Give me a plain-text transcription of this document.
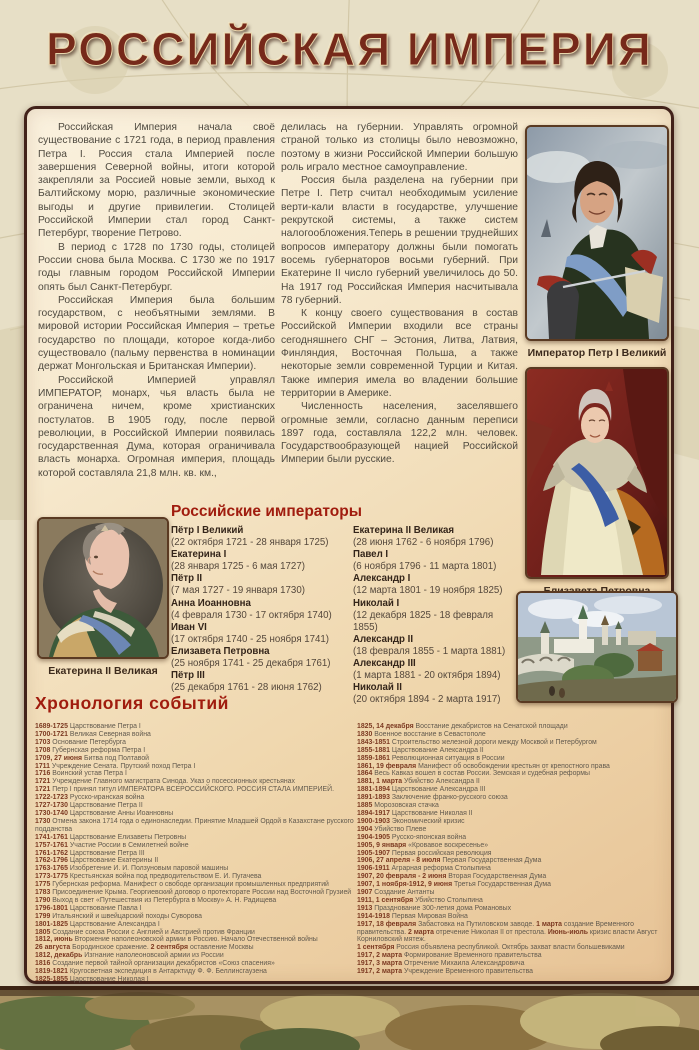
РОССИЙСКАЯ ИМПЕРИЯ

Российская Империя начала своё существование с 1721 года, в период правления Петра I. Россия стала Империей после завершения Северной войны, итоги которой закрепляли за Россией новые земли, выход к Балтийскому морю, различные экономические выгоды и другие привилегии. Столицей Российской Империи стал город Санкт-Петербург, творение Петрово.

В период с 1728 по 1730 годы, столицей России снова была Москва. С 1730 же по 1917 годы главным городом Российской Империи опять был Санкт-Петербург.

Российская Империя была большим государством, с необъятными землями. В мировой истории Российская Империя – третье государство по площади, которое когда-либо существовало (пальму первенства в номинации держат Монгольская и Британская Империи).

Российской Империей управлял ИМПЕРАТОР, монарх, чья власть была не ограничена ничем, кроме христианских постулатов. В 1905 году, после первой революции, в Российской Империи появилась государственная Дума, которая ограничивала власть монарха. Огромная империя, площадь которой составляла 21,8 млн. кв. км.,

делилась на губернии. Управлять огромной страной только из столицы было невозможно, поэтому в жизни Российской Империи большую роль играло местное самоуправление.

Россия была разделена на губернии при Петре I. Петр считал необходимым усиление верти-кали власти в государстве, улучшение рекрутской системы, а также систем налогообложения.Теперь в решении труднейших вопросов императору должны были помогать восемь губернаторов восьми губерний. При Екатерине II число губерний увеличилось до 50. На 1917 год Российская Империя насчитывала 78 губерний.

К концу своего существования в состав Российской Империи входили все страны сегодняшнего СНГ – Эстония, Литва, Латвия, Финляндия, Восточная Польша, а также некоторые земли современной Турции и Китая. Также империя имела во владении большие территории в Америке.

Численность населения, заселявшего огромные земли, согласно данным переписи 1897 года, составляла 122,2 млн. человек. Государствообразующей нацией Российской Империи были русские.

Император Петр I Великий
Екатерина II Великая
Российские императоры
Пётр I Великий
(22 октября 1721 - 28 января 1725)
Екатерина I
(28 января 1725 - 6 мая 1727)
Пётр II
(7 мая 1727 - 19 января 1730)
Анна Иоанновна
(4 февраля 1730 - 17 октября 1740)
Иван VI
(17 октября 1740 - 25 ноября 1741)
Елизавета Петровна
(25 ноября 1741 - 25 декабря 1761)
Пётр III
(25 декабря 1761 - 28 июня 1762)
Екатерина II Великая
(28 июня 1762 - 6 ноября 1796)
Павел I
(6 ноября 1796 - 11 марта 1801)
Александр I
(12 марта 1801 - 19 ноября 1825)
Николай I
(12 декабря 1825 - 18 февраля 1855)
Александр II
(18 февраля 1855 - 1 марта 1881)
Александр III
(1 марта 1881 - 20 октября 1894)
Николай II
(20 октября 1894 - 2 марта 1917)
Хронология событий
1689-1725 Царствование Петра I
1700-1721 Великая Северная война
1703 Основание Петербурга
1708 Губернская реформа Петра I
1709, 27 июня Битва под Полтавой
1711 Учреждение Сената. Прутский поход Петра I
1716 Воинский устав Петра I
1721 Учреждение Главного магистрата Синода. Указ о посессионных крестьянах
1721 Петр I принял титул ИМПЕРАТОРА ВСЕРОССИЙСКОГО. РОССИЯ СТАЛА ИМПЕРИЕЙ.
1722-1723 Русско-иранская война
1727-1730 Царствование Петра II
1730-1740 Царствование Анны Иоанновны
1730 Отмена закона 1714 года о единонаследии. Принятие Младшей Ордой в Казахстане русского подданства
1741-1761 Царствование Елизаветы Петровны
1757-1761 Участие России в Семилетней войне
1761-1762 Царствование Петра III
1762-1796 Царствование Екатерины II
1763-1765 Изобретение И. И. Ползуновым паровой машины
1773-1775 Крестьянская война под предводительством Е. И. Пугачева
1775 Губернская реформа. Манифест о свободе организации промышленных предприятий
1783 Присоединение Крыма. Георгиевский договор о протекторате России над Восточной Грузией
1790 Выход в свет «Путешествия из Петербурга в Москву» А. Н. Радищева
1796-1801 Царствование Павла I
1799 Итальянский и швейцарский походы Суворова
1801-1825 Царствование Александра I
1805 Создание союза России с Англией и Австрией против Франции
1812, июнь Вторжение наполеоновской армии в Россию. Начало Отечественной войны
26 августа Бородинское сражение. 2 сентября оставление Москвы
1812, декабрь Изгнание наполеоновской армии из России
1816 Создание первой тайной организации декабристов «Союз спасения»
1819-1821 Кругосветная экспедиция в Антарктиду Ф. Ф. Беллинсгаузена
1825-1855 Царствование Николая I
1825, 14 декабря Восстание декабристов на Сенатской площади
1830 Военное восстание в Севастополе
1843-1851 Строительство железной дороги между Москвой и Петербургом
1855-1881 Царствование Александра II
1859-1861 Революционная ситуация в России
1861, 19 февраля Манифест об освобождении крестьян от крепостного права
1864 Весь Кавказ вошел в состав России. Земская и судебная реформы
1881, 1 марта Убийство Александра II
1881-1894 Царствование Александра III
1891-1893 Заключение франко-русского союза
1885 Морозовская стачка
1894-1917 Царствование Николая II
1900-1903 Экономический кризис
1904 Убийство Плеве
1904-1905 Русско-японская война
1905, 9 января «Кровавое воскресенье»
1905-1907 Первая российская революция
1906, 27 апреля - 8 июля Первая Государственная Дума
1906-1911 Аграрная реформа Столыпина
1907, 20 февраля - 2 июня Вторая Государственная Дума
1907, 1 ноября-1912, 9 июня Третья Государственная Дума
1907 Создание Антанты
1911, 1 сентября Убийство Столыпина
1913 Празднование 300-летия дома Романовых
1914-1918 Первая Мировая Война
1917, 18 февраля Забастовка на Путиловском заводе. 1 марта создание Временного правительства. 2 марта отречение Николая II от престола. Июнь-июль кризис власти Август Корниловский мятеж.
1 сентября Россия объявлена республикой. Октябрь захват власти большевиками
1917, 2 марта Формирование Временного правительства
1917, 3 марта Отречение Михаила Александровича
1917, 2 марта Учреждение Временного правительства
